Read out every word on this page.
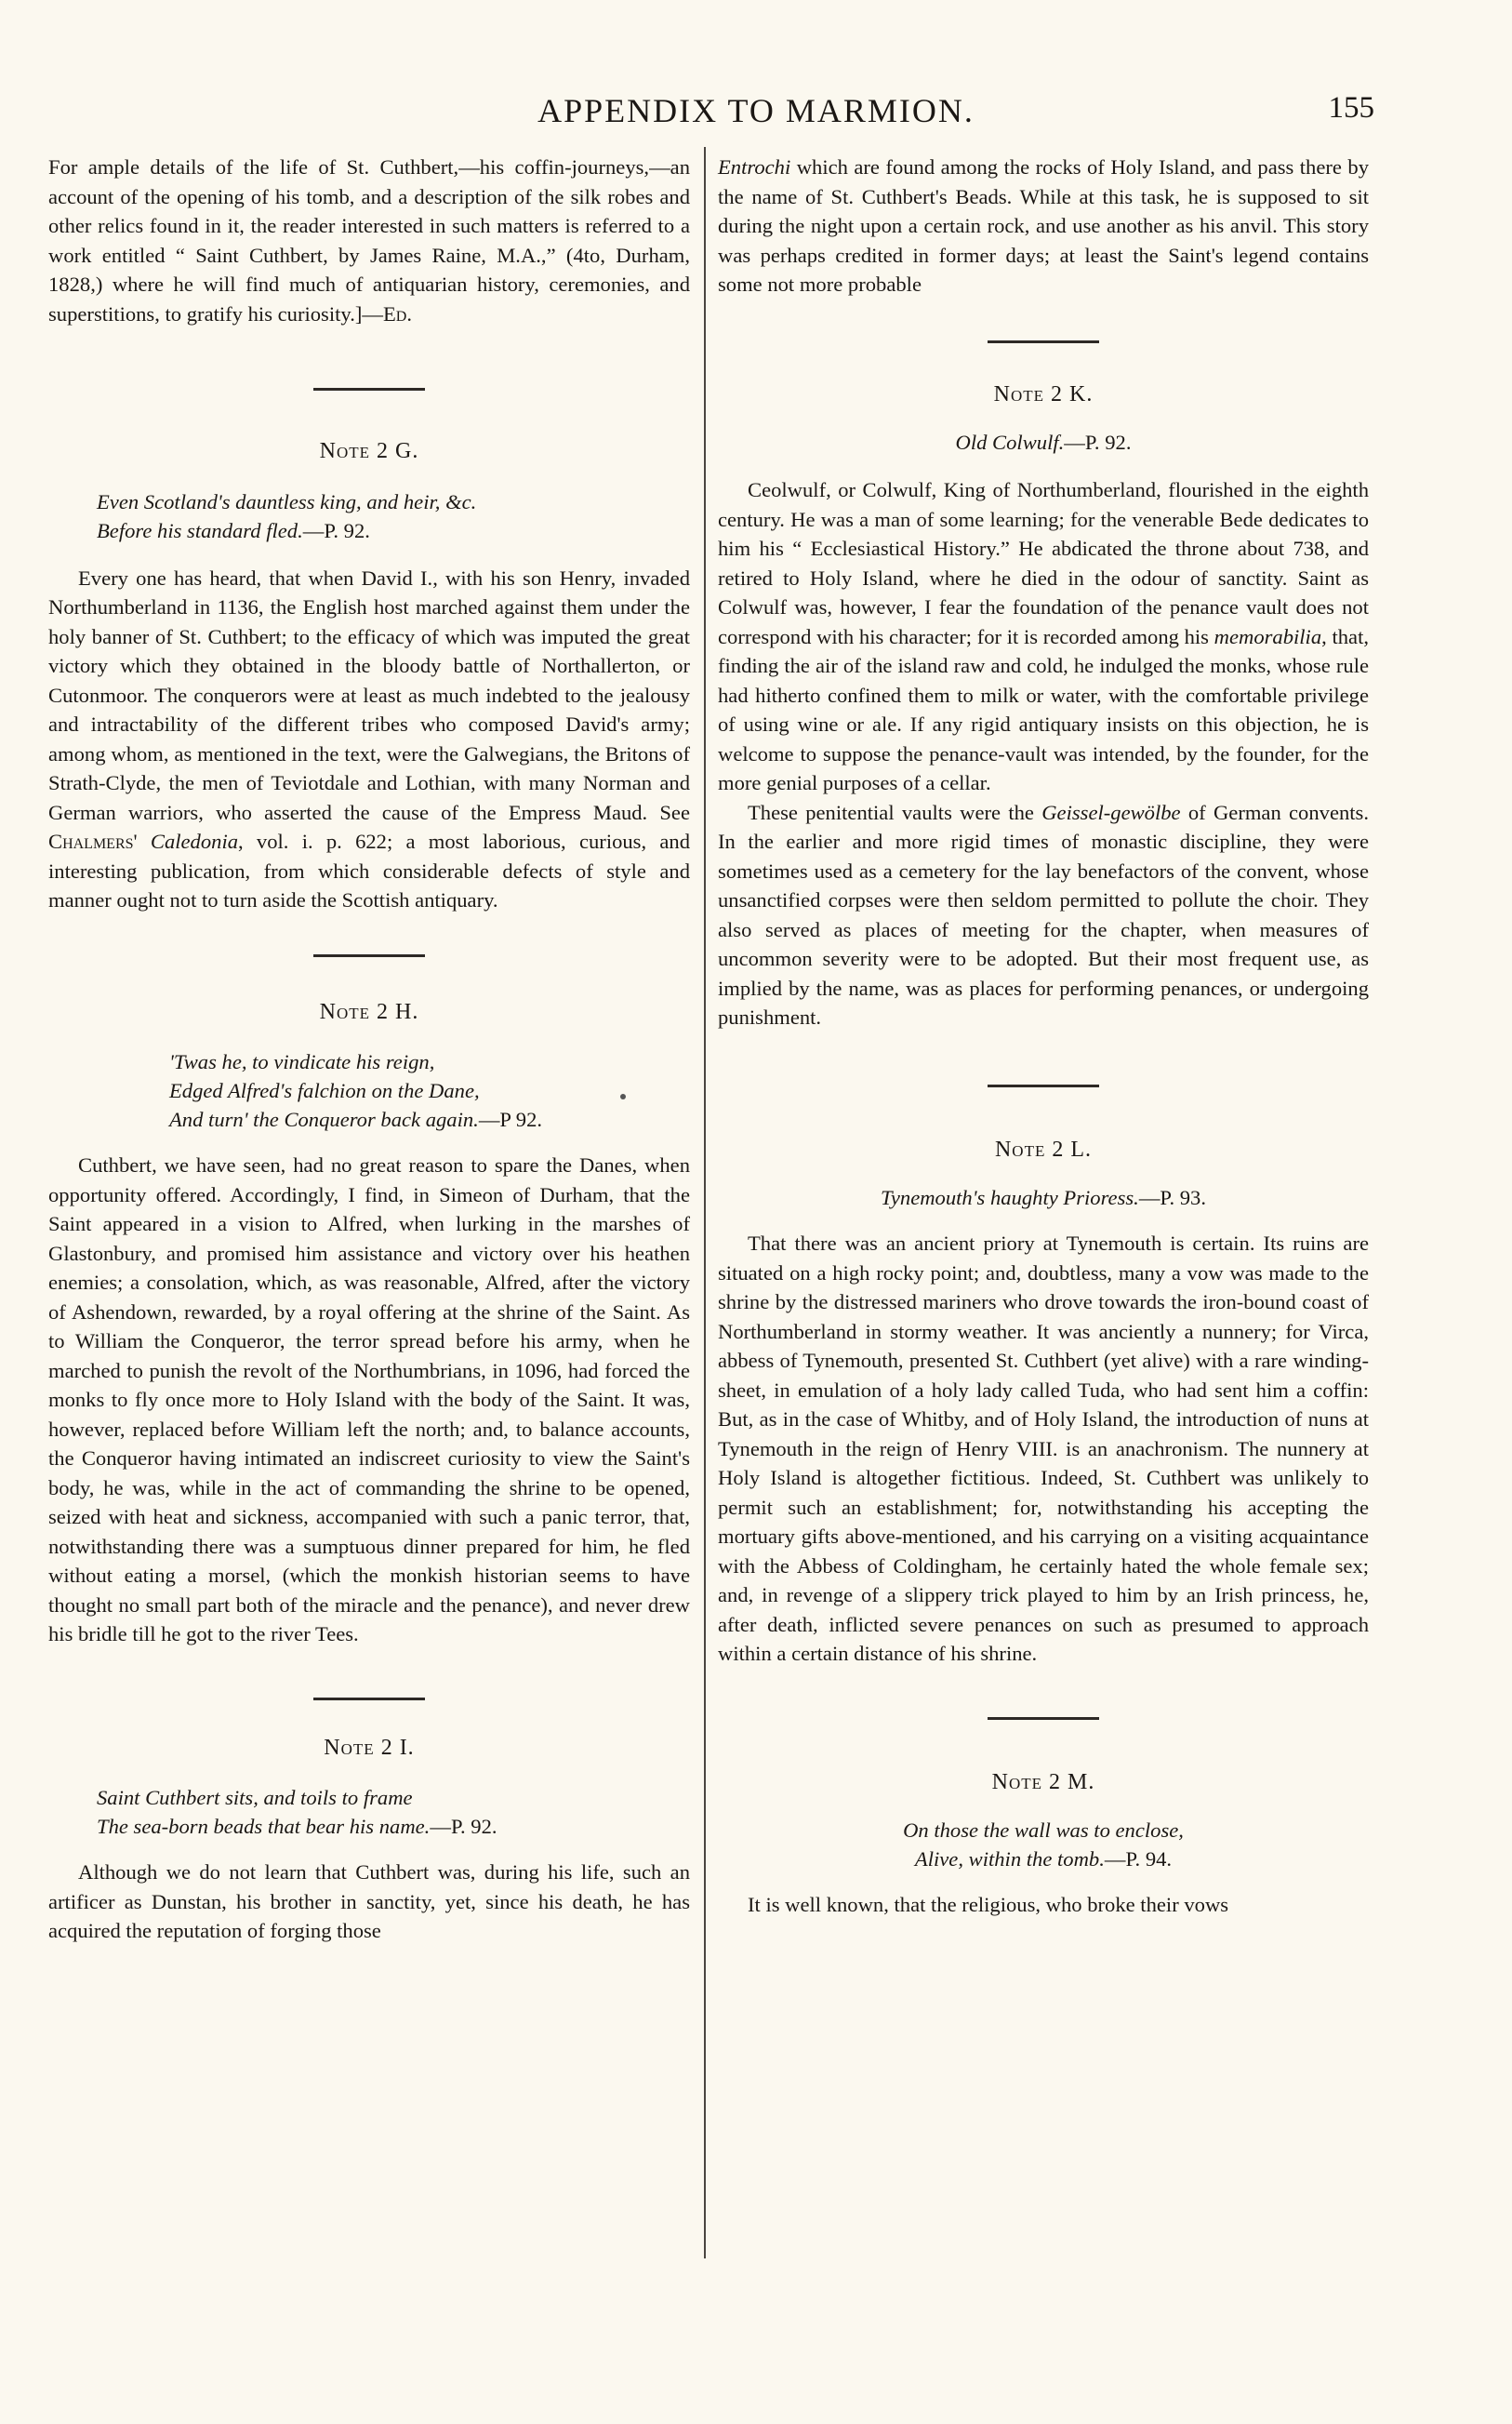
APPENDIX TO MARMION.	155

For ample details of the life of St. Cuthbert,—his coffin-journeys,—an account of the opening of his tomb, and a description of the silk robes and other relics found in it, the reader interested in such matters is referred to a work entitled “ Saint Cuthbert, by James Raine, M.A.,” (4to, Durham, 1828,) where he will find much of antiquarian history, ceremonies, and superstitions, to gratify his curiosity.]—Ed.

Note 2 G.
Even Scotland's dauntless king, and heir, &c.
Before his standard fled.—P. 92.

Every one has heard, that when David I., with his son Henry, invaded Northumberland in 1136, the English host marched against them under the holy banner of St. Cuthbert; to the efficacy of which was imputed the great victory which they obtained in the bloody battle of Northallerton, or Cutonmoor. The conquerors were at least as much indebted to the jealousy and intractability of the different tribes who composed David's army; among whom, as mentioned in the text, were the Galwegians, the Britons of Strath-Clyde, the men of Teviotdale and Lothian, with many Norman and German warriors, who asserted the cause of the Empress Maud. See Chalmers' Caledonia, vol. i. p. 622; a most laborious, curious, and interesting publication, from which considerable defects of style and manner ought not to turn aside the Scottish antiquary.

Note 2 H.
'Twas he, to vindicate his reign,
Edged Alfred's falchion on the Dane,
And turn' the Conqueror back again.—P 92.

Cuthbert, we have seen, had no great reason to spare the Danes, when opportunity offered. Accordingly, I find, in Simeon of Durham, that the Saint appeared in a vision to Alfred, when lurking in the marshes of Glastonbury, and promised him assistance and victory over his heathen enemies; a consolation, which, as was reasonable, Alfred, after the victory of Ashendown, rewarded, by a royal offering at the shrine of the Saint. As to William the Conqueror, the terror spread before his army, when he marched to punish the revolt of the Northumbrians, in 1096, had forced the monks to fly once more to Holy Island with the body of the Saint. It was, however, replaced before William left the north; and, to balance accounts, the Conqueror having intimated an indiscreet curiosity to view the Saint's body, he was, while in the act of commanding the shrine to be opened, seized with heat and sickness, accompanied with such a panic terror, that, notwithstanding there was a sumptuous dinner prepared for him, he fled without eating a morsel, (which the monkish historian seems to have thought no small part both of the miracle and the penance), and never drew his bridle till he got to the river Tees.

Note 2 I.
Saint Cuthbert sits, and toils to frame
The sea-born beads that bear his name.—P. 92.

Although we do not learn that Cuthbert was, during his life, such an artificer as Dunstan, his brother in sanctity, yet, since his death, he has acquired the reputation of forging those

Entrochi which are found among the rocks of Holy Island, and pass there by the name of St. Cuthbert's Beads. While at this task, he is supposed to sit during the night upon a certain rock, and use another as his anvil. This story was perhaps credited in former days; at least the Saint's legend contains some not more probable

Note 2 K.
Old Colwulf.—P. 92.

Ceolwulf, or Colwulf, King of Northumberland, flourished in the eighth century. He was a man of some learning; for the venerable Bede dedicates to him his “ Ecclesiastical History.” He abdicated the throne about 738, and retired to Holy Island, where he died in the odour of sanctity. Saint as Colwulf was, however, I fear the foundation of the penance vault does not correspond with his character; for it is recorded among his memorabilia, that, finding the air of the island raw and cold, he indulged the monks, whose rule had hitherto confined them to milk or water, with the comfortable privilege of using wine or ale. If any rigid antiquary insists on this objection, he is welcome to suppose the penance-vault was intended, by the founder, for the more genial purposes of a cellar.

These penitential vaults were the Geissel-gewölbe of German convents. In the earlier and more rigid times of monastic discipline, they were sometimes used as a cemetery for the lay benefactors of the convent, whose unsanctified corpses were then seldom permitted to pollute the choir. They also served as places of meeting for the chapter, when measures of uncommon severity were to be adopted. But their most frequent use, as implied by the name, was as places for performing penances, or undergoing punishment.

Note 2 L.
Tynemouth's haughty Prioress.—P. 93.

That there was an ancient priory at Tynemouth is certain. Its ruins are situated on a high rocky point; and, doubtless, many a vow was made to the shrine by the distressed mariners who drove towards the iron-bound coast of Northumberland in stormy weather. It was anciently a nunnery; for Virca, abbess of Tynemouth, presented St. Cuthbert (yet alive) with a rare winding-sheet, in emulation of a holy lady called Tuda, who had sent him a coffin: But, as in the case of Whitby, and of Holy Island, the introduction of nuns at Tynemouth in the reign of Henry VIII. is an anachronism. The nunnery at Holy Island is altogether fictitious. Indeed, St. Cuthbert was unlikely to permit such an establishment; for, notwithstanding his accepting the mortuary gifts above-mentioned, and his carrying on a visiting acquaintance with the Abbess of Coldingham, he certainly hated the whole female sex; and, in revenge of a slippery trick played to him by an Irish princess, he, after death, inflicted severe penances on such as presumed to approach within a certain distance of his shrine.

Note 2 M.
On those the wall was to enclose,
Alive, within the tomb.—P. 94.

It is well known, that the religious, who broke their vows
